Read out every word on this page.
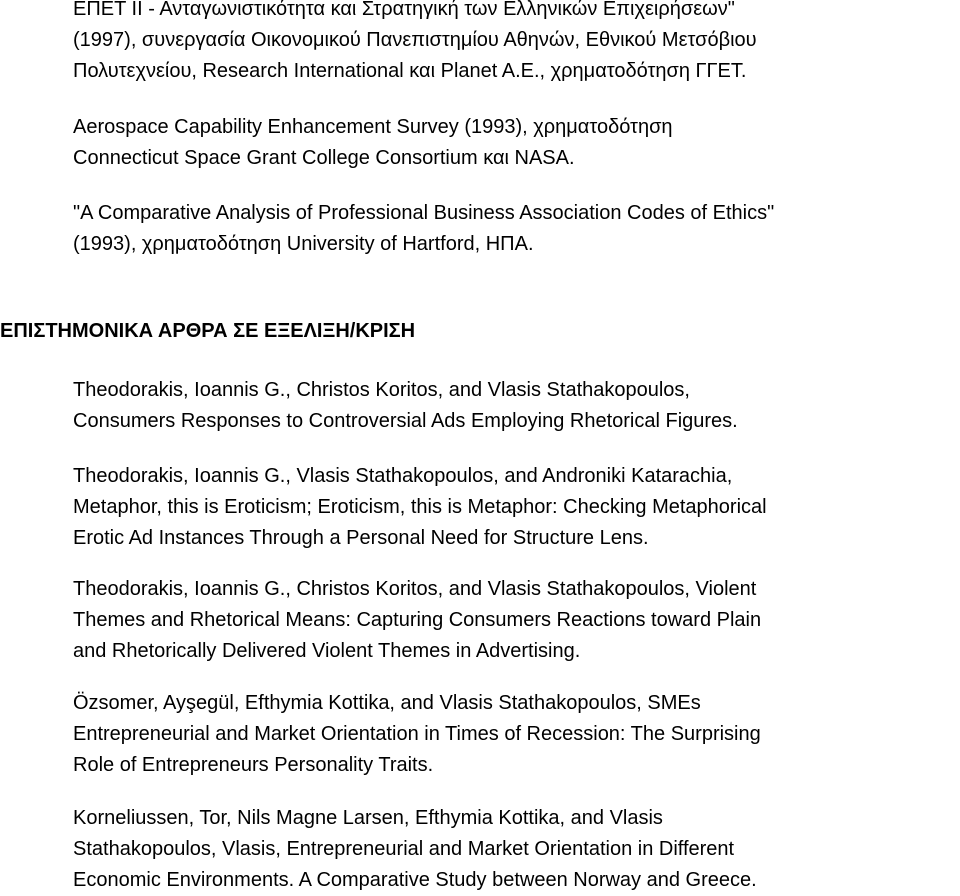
ΕΠΕΤ ΙΙ - Ανταγωνιστικότητα και Στρατηγική των Ελληνικών Επιχειρήσεων"
(1997), συνεργασία Οικονομικού Πανεπιστημίου Αθηνών, Εθνικού Μετσόβιου
Πολυτεχνείου, Research International και Planet A.E., χρηματοδότηση ΓΓΕΤ.

Aerospace Capability Enhancement Survey (1993), χρηματοδότηση
Connecticut Space Grant College Consortium και NASA.

"A Comparative Analysis of Professional Business Association Codes of Ethics"
(1993), χρηματοδότηση University of Hartford, ΗΠΑ.

ΕΠΙΣΤΗΜΟΝΙΚΑ ΑΡΘΡΑ ΣΕ ΕΞΕΛΙΞΗ/ΚΡΙΣΗ

Theodorakis, Ioannis G., Christos Koritos, and Vlasis Stathakopoulos,
Consumers Responses to Controversial Ads Employing Rhetorical Figures.

Theodorakis, Ioannis G., Vlasis Stathakopoulos, and Androniki Katarachia,
Metaphor, this is Eroticism; Eroticism, this is Metaphor: Checking Metaphorical
Erotic Ad Instances Through a Personal Need for Structure Lens.

Theodorakis, Ioannis G., Christos Koritos, and Vlasis Stathakopoulos, Violent
Themes and Rhetorical Means: Capturing Consumers Reactions toward Plain
and Rhetorically Delivered Violent Themes in Advertising.

Özsomer, Ayşegül, Efthymia Kottika, and Vlasis Stathakopoulos, SMEs
Entrepreneurial and Market Orientation in Times of Recession: The Surprising
Role of Entrepreneurs Personality Traits.

Korneliussen, Tor, Nils Magne Larsen, Efthymia Kottika, and Vlasis
Stathakopoulos, Vlasis, Entrepreneurial and Market Orientation in Different
Economic Environments. A Comparative Study between Norway and Greece.
